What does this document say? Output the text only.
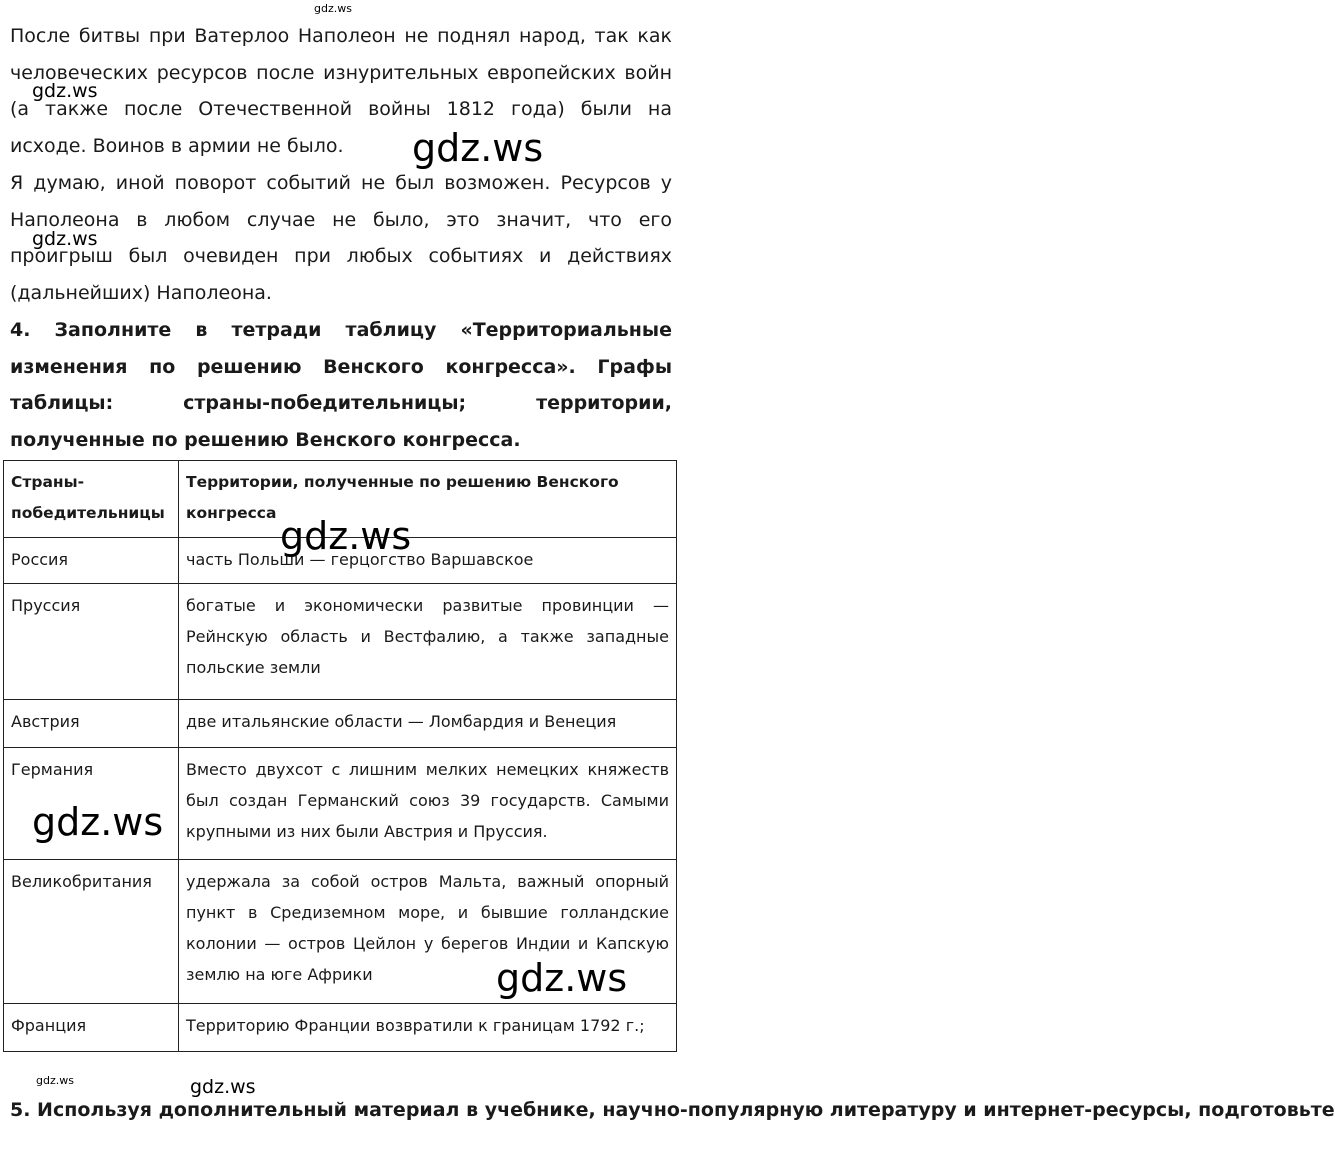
После битвы при Ватерлоо Наполеон не поднял народ, так как человеческих ресурсов после изнурительных европейских войн (а также после Отечественной войны 1812 года) были на исходе. Воинов в армии не было.

Я думаю, иной поворот событий не был возможен. Ресурсов у Наполеона в любом случае не было, это значит, что его проигрыш был очевиден при любых событиях и действиях (дальнейших) Наполеона.

4. Заполните в тетради таблицу «Территориальные изменения по решению Венского конгресса». Графы таблицы: страны-победительницы; территории, полученные по решению Венского конгресса.

Страны-победительницы	Территории, полученные по решению Венского конгресса
Россия	часть Польши — герцогство Варшавское
Пруссия	богатые и экономически развитые провинции — Рейнскую область и Вестфалию, а также западные польские земли
Австрия	две итальянские области — Ломбардия и Венеция
Германия	Вместо двухсот с лишним мелких немецких княжеств был создан Германский союз 39 государств. Самыми крупными из них были Австрия и Пруссия.
Великобритания	удержала за собой остров Мальта, важный опорный пункт в Средиземном море, и бывшие голландские колонии — остров Цейлон у берегов Индии и Капскую землю на юге Африки
Франция	Территорию Франции возвратили к границам 1792 г.;

5. Используя дополнительный материал в учебнике, научно-популярную литературу и интернет-ресурсы, подготовьте

gdz.ws
gdz.ws
gdz.ws
gdz.ws
gdz.ws
gdz.ws
gdz.ws
gdz.ws	gdz.ws
